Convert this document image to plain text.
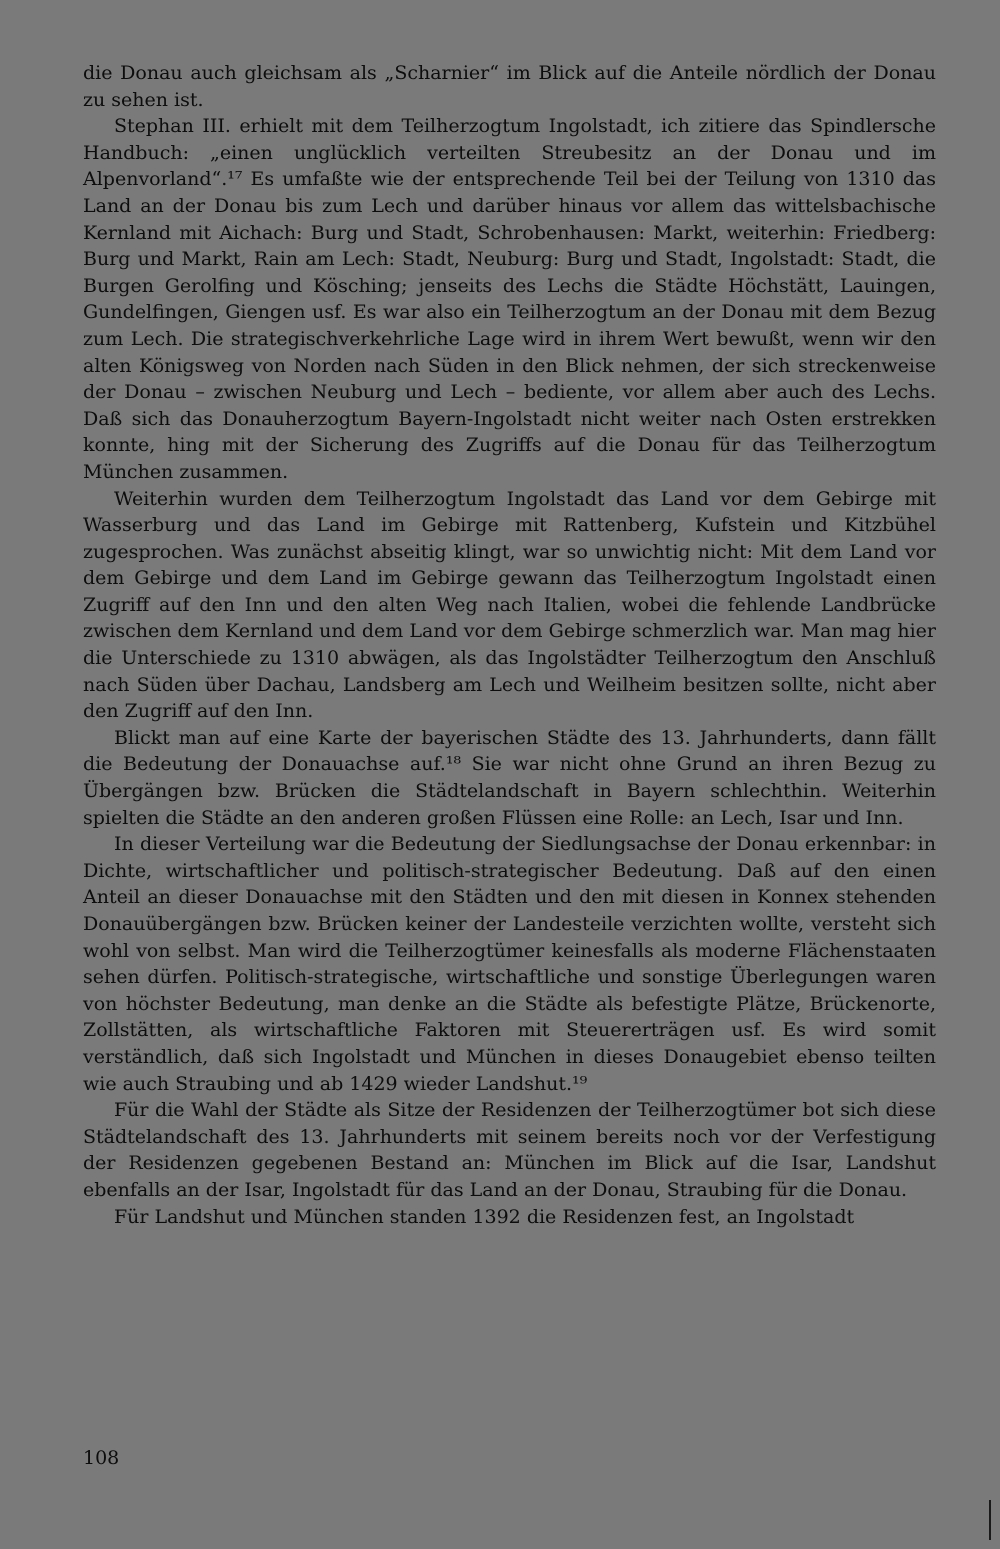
die Donau auch gleichsam als „Scharnier“ im Blick auf die Anteile nördlich der Donau zu sehen ist.

Stephan III. erhielt mit dem Teilherzogtum Ingolstadt, ich zitiere das Spindlersche Handbuch: „einen unglücklich verteilten Streubesitz an der Donau und im Alpenvorland“.¹⁷ Es umfaßte wie der entsprechende Teil bei der Teilung von 1310 das Land an der Donau bis zum Lech und darüber hinaus vor allem das wittelsbachische Kernland mit Aichach: Burg und Stadt, Schrobenhausen: Markt, weiterhin: Friedberg: Burg und Markt, Rain am Lech: Stadt, Neuburg: Burg und Stadt, Ingolstadt: Stadt, die Burgen Gerolfing und Kösching; jenseits des Lechs die Städte Höchstätt, Lauingen, Gundelfingen, Giengen usf. Es war also ein Teilherzogtum an der Donau mit dem Bezug zum Lech. Die strategischverkehrliche Lage wird in ihrem Wert bewußt, wenn wir den alten Königsweg von Norden nach Süden in den Blick nehmen, der sich streckenweise der Donau – zwischen Neuburg und Lech – bediente, vor allem aber auch des Lechs. Daß sich das Donauherzogtum Bayern-Ingolstadt nicht weiter nach Osten erstrekken konnte, hing mit der Sicherung des Zugriffs auf die Donau für das Teilherzogtum München zusammen.

Weiterhin wurden dem Teilherzogtum Ingolstadt das Land vor dem Gebirge mit Wasserburg und das Land im Gebirge mit Rattenberg, Kufstein und Kitzbühel zugesprochen. Was zunächst abseitig klingt, war so unwichtig nicht: Mit dem Land vor dem Gebirge und dem Land im Gebirge gewann das Teilherzogtum Ingolstadt einen Zugriff auf den Inn und den alten Weg nach Italien, wobei die fehlende Landbrücke zwischen dem Kernland und dem Land vor dem Gebirge schmerzlich war. Man mag hier die Unterschiede zu 1310 abwägen, als das Ingolstädter Teilherzogtum den Anschluß nach Süden über Dachau, Landsberg am Lech und Weilheim besitzen sollte, nicht aber den Zugriff auf den Inn.

Blickt man auf eine Karte der bayerischen Städte des 13. Jahrhunderts, dann fällt die Bedeutung der Donauachse auf.¹⁸ Sie war nicht ohne Grund an ihren Bezug zu Übergängen bzw. Brücken die Städtelandschaft in Bayern schlechthin. Weiterhin spielten die Städte an den anderen großen Flüssen eine Rolle: an Lech, Isar und Inn.

In dieser Verteilung war die Bedeutung der Siedlungsachse der Donau erkennbar: in Dichte, wirtschaftlicher und politisch-strategischer Bedeutung. Daß auf den einen Anteil an dieser Donauachse mit den Städten und den mit diesen in Konnex stehenden Donauübergängen bzw. Brücken keiner der Landesteile verzichten wollte, versteht sich wohl von selbst. Man wird die Teilherzogtümer keinesfalls als moderne Flächenstaaten sehen dürfen. Politisch-strategische, wirtschaftliche und sonstige Überlegungen waren von höchster Bedeutung, man denke an die Städte als befestigte Plätze, Brückenorte, Zollstätten, als wirtschaftliche Faktoren mit Steuererträgen usf. Es wird somit verständlich, daß sich Ingolstadt und München in dieses Donaugebiet ebenso teilten wie auch Straubing und ab 1429 wieder Landshut.¹⁹

Für die Wahl der Städte als Sitze der Residenzen der Teilherzogtümer bot sich diese Städtelandschaft des 13. Jahrhunderts mit seinem bereits noch vor der Verfestigung der Residenzen gegebenen Bestand an: München im Blick auf die Isar, Landshut ebenfalls an der Isar, Ingolstadt für das Land an der Donau, Straubing für die Donau.

Für Landshut und München standen 1392 die Residenzen fest, an Ingolstadt

108
